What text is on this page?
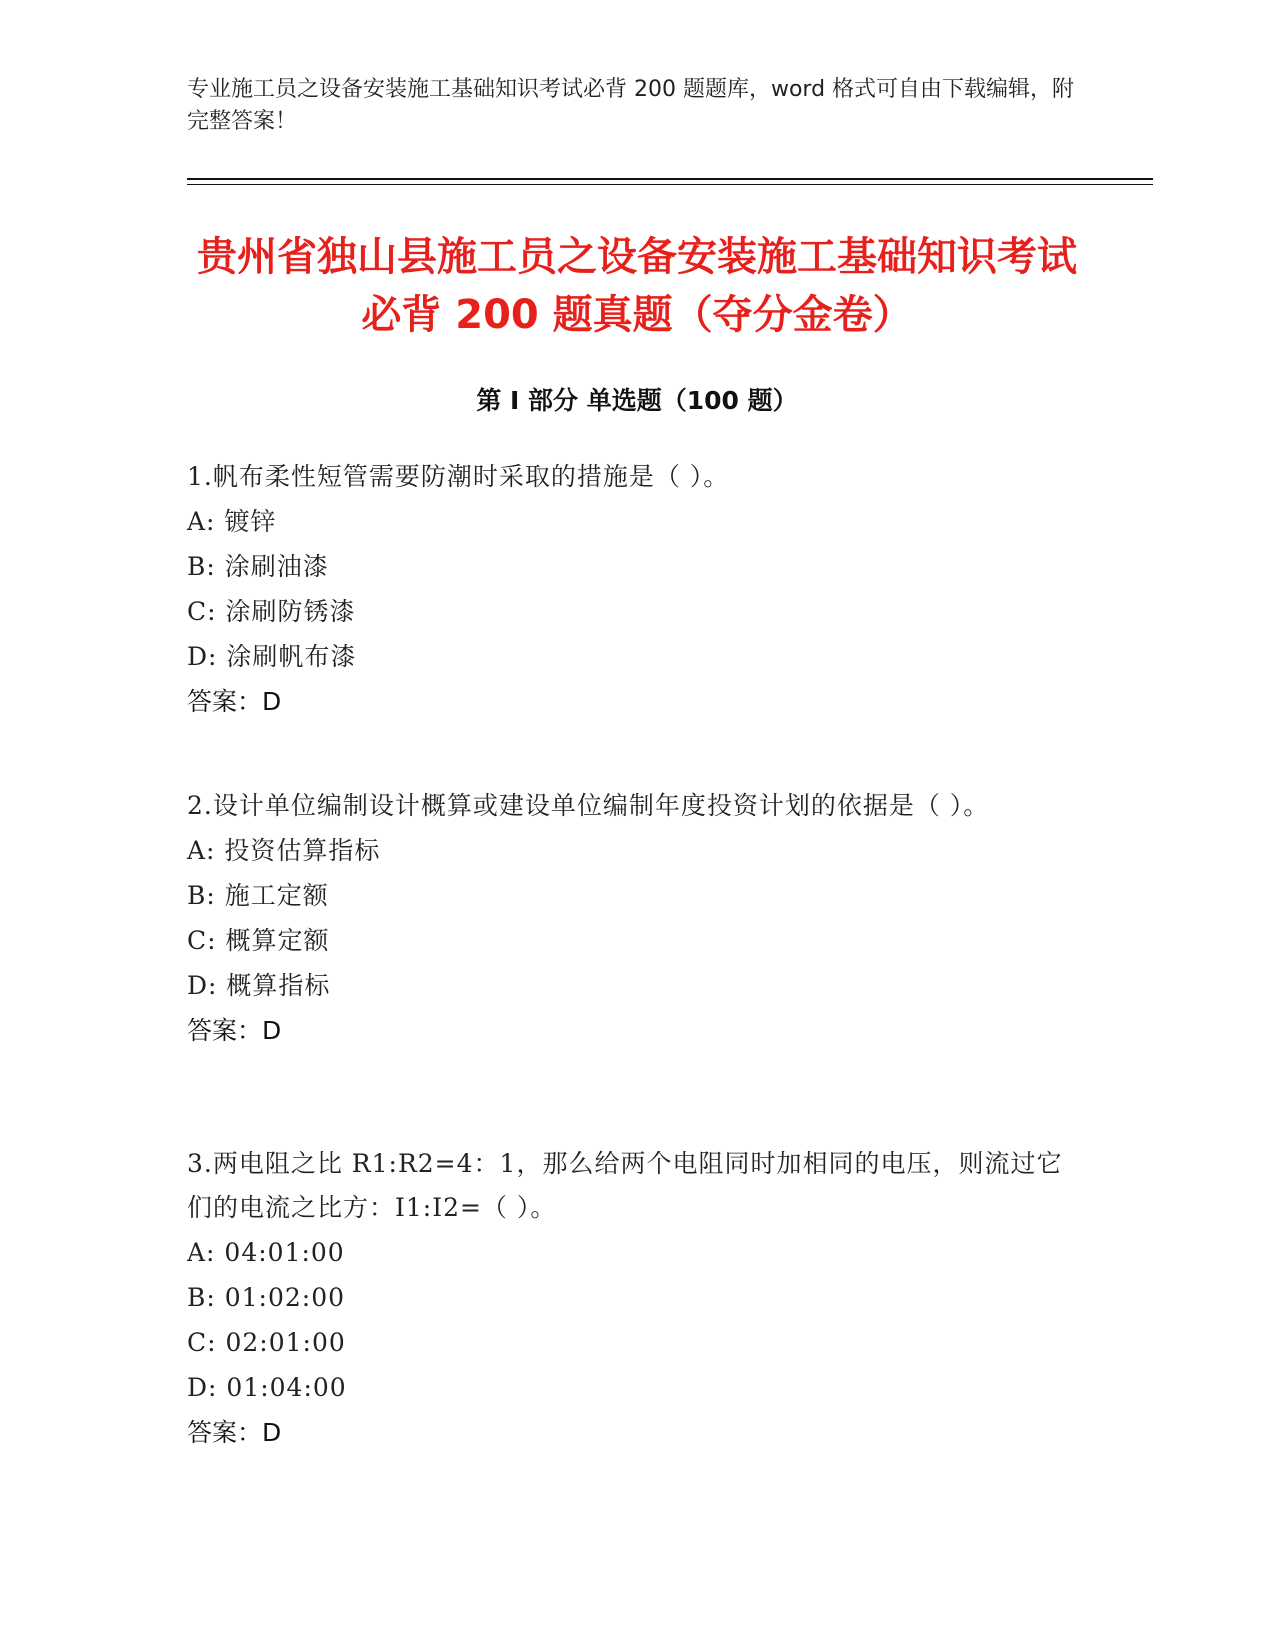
专业施工员之设备安装施工基础知识考试必背 200 题题库，word 格式可自由下载编辑，附完整答案！
贵州省独山县施工员之设备安装施工基础知识考试必背 200 题真题（夺分金卷）
第 I 部分 单选题（100 题）
1.帆布柔性短管需要防潮时采取的措施是（ ）。
A: 镀锌
B: 涂刷油漆
C: 涂刷防锈漆
D: 涂刷帆布漆
答案：D
2.设计单位编制设计概算或建设单位编制年度投资计划的依据是（ ）。
A: 投资估算指标
B: 施工定额
C: 概算定额
D: 概算指标
答案：D
3.两电阻之比 R1:R2=4：1，那么给两个电阻同时加相同的电压，则流过它们的电流之比方：I1:I2=（ ）。
A: 04:01:00
B: 01:02:00
C: 02:01:00
D: 01:04:00
答案：D
